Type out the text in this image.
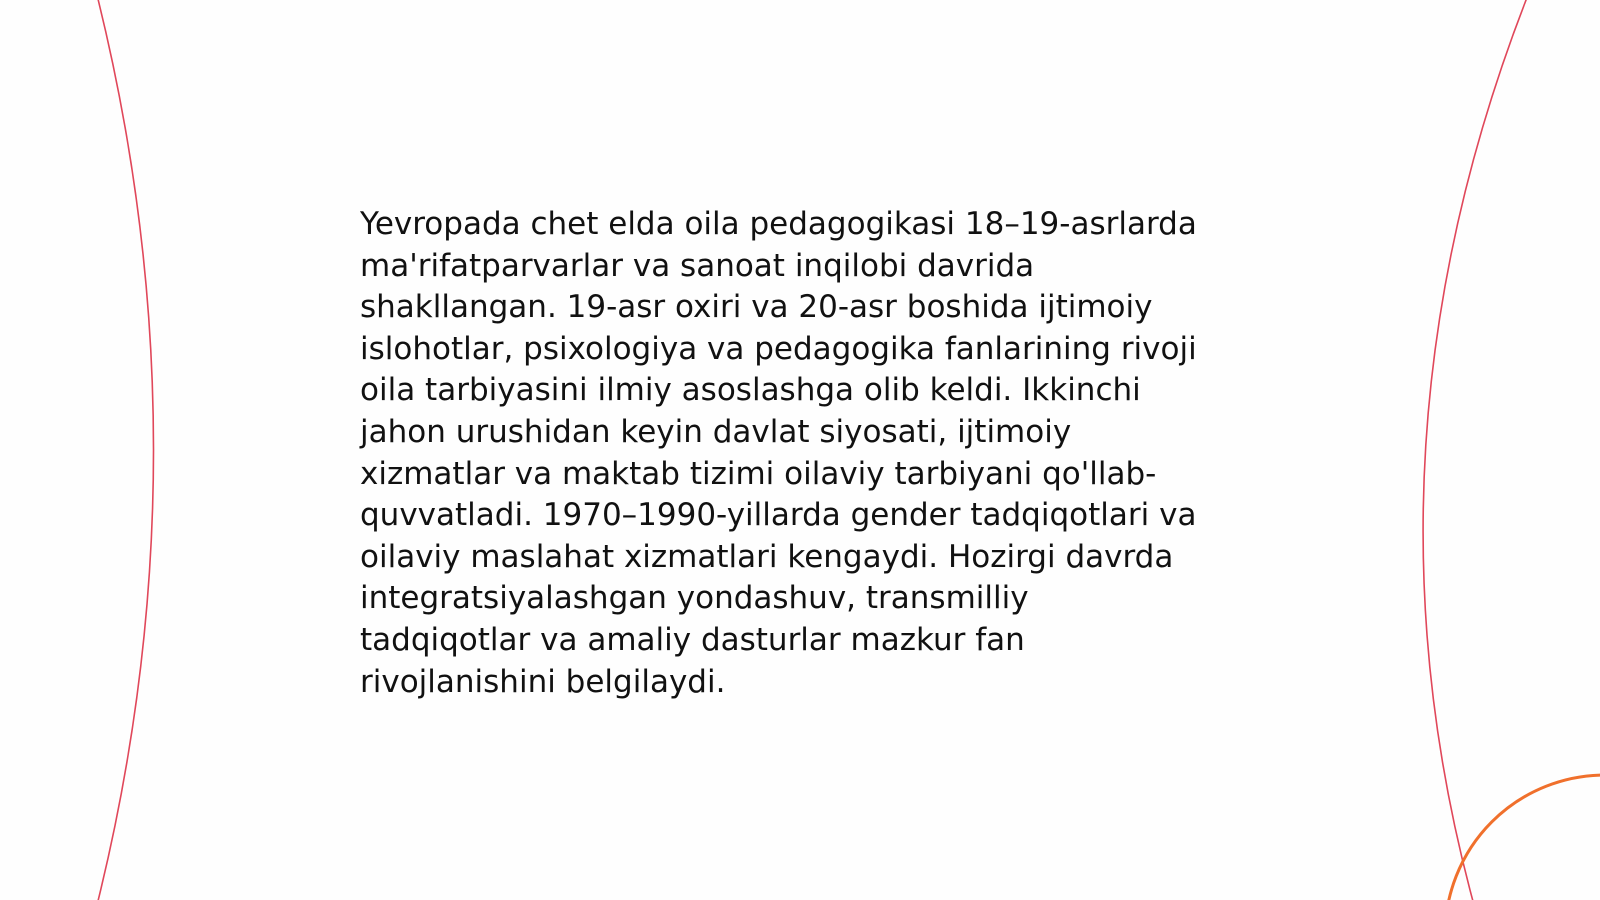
Yevropada chet elda oila pedagogikasi 18–19-asrlarda
ma'rifatparvarlar va sanoat inqilobi davrida
shakllangan. 19-asr oxiri va 20-asr boshida ijtimoiy
islohotlar, psixologiya va pedagogika fanlarining rivoji
oila tarbiyasini ilmiy asoslashga olib keldi. Ikkinchi
jahon urushidan keyin davlat siyosati, ijtimoiy
xizmatlar va maktab tizimi oilaviy tarbiyani qo'llab-
quvvatladi. 1970–1990-yillarda gender tadqiqotlari va
oilaviy maslahat xizmatlari kengaydi. Hozirgi davrda
integratsiyalashgan yondashuv, transmilliy
tadqiqotlar va amaliy dasturlar mazkur fan
rivojlanishini belgilaydi.
